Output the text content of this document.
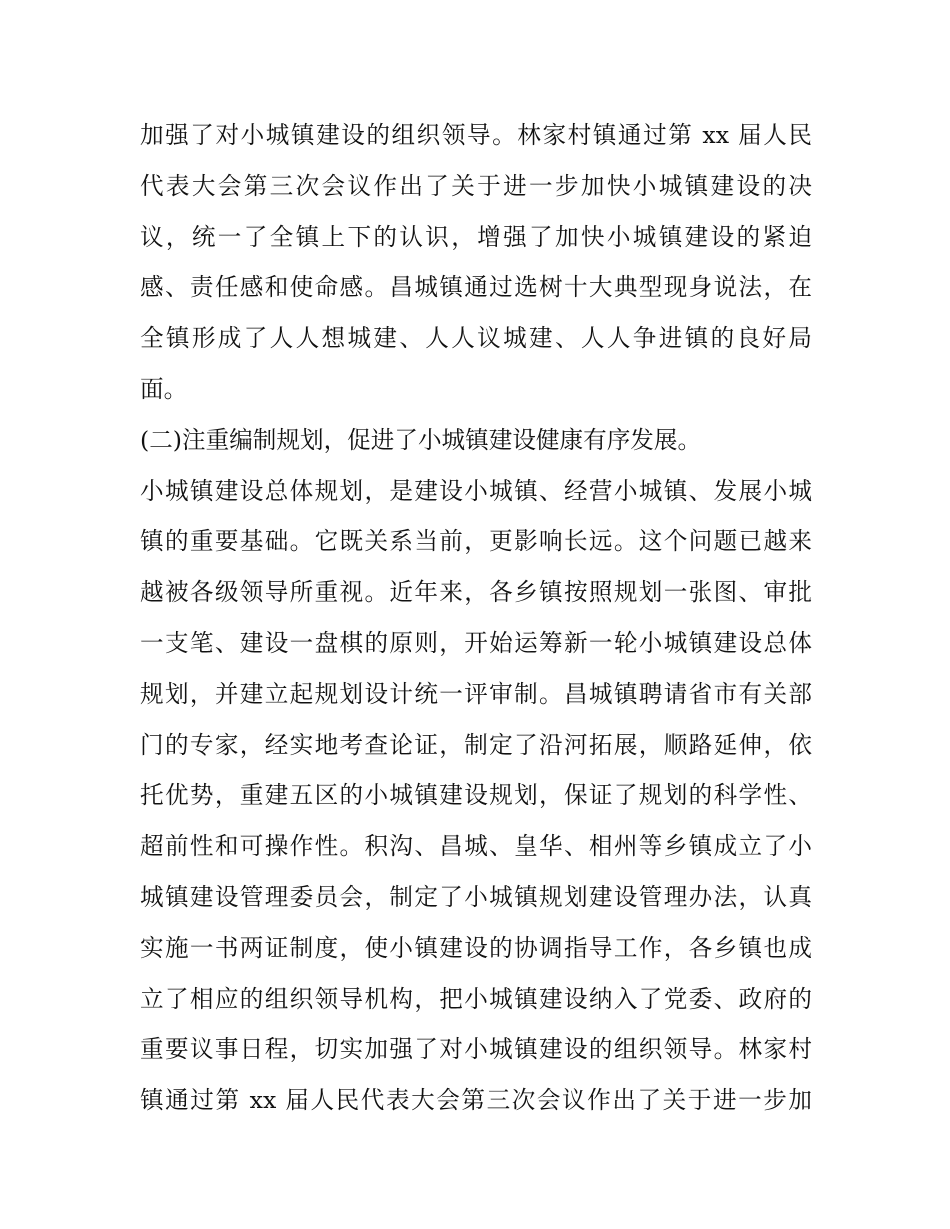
加强了对小城镇建设的组织领导。林家村镇通过第 xx 届人民
代表大会第三次会议作出了关于进一步加快小城镇建设的决
议，统一了全镇上下的认识，增强了加快小城镇建设的紧迫
感、责任感和使命感。昌城镇通过选树十大典型现身说法，在
全镇形成了人人想城建、人人议城建、人人争进镇的良好局
面。
(二)注重编制规划，促进了小城镇建设健康有序发展。
小城镇建设总体规划，是建设小城镇、经营小城镇、发展小城
镇的重要基础。它既关系当前，更影响长远。这个问题已越来
越被各级领导所重视。近年来，各乡镇按照规划一张图、审批
一支笔、建设一盘棋的原则，开始运筹新一轮小城镇建设总体
规划，并建立起规划设计统一评审制。昌城镇聘请省市有关部
门的专家，经实地考查论证，制定了沿河拓展，顺路延伸，依
托优势，重建五区的小城镇建设规划，保证了规划的科学性、
超前性和可操作性。积沟、昌城、皇华、相州等乡镇成立了小
城镇建设管理委员会，制定了小城镇规划建设管理办法，认真
实施一书两证制度，使小镇建设的协调指导工作，各乡镇也成
立了相应的组织领导机构，把小城镇建设纳入了党委、政府的
重要议事日程，切实加强了对小城镇建设的组织领导。林家村
镇通过第 xx 届人民代表大会第三次会议作出了关于进一步加
